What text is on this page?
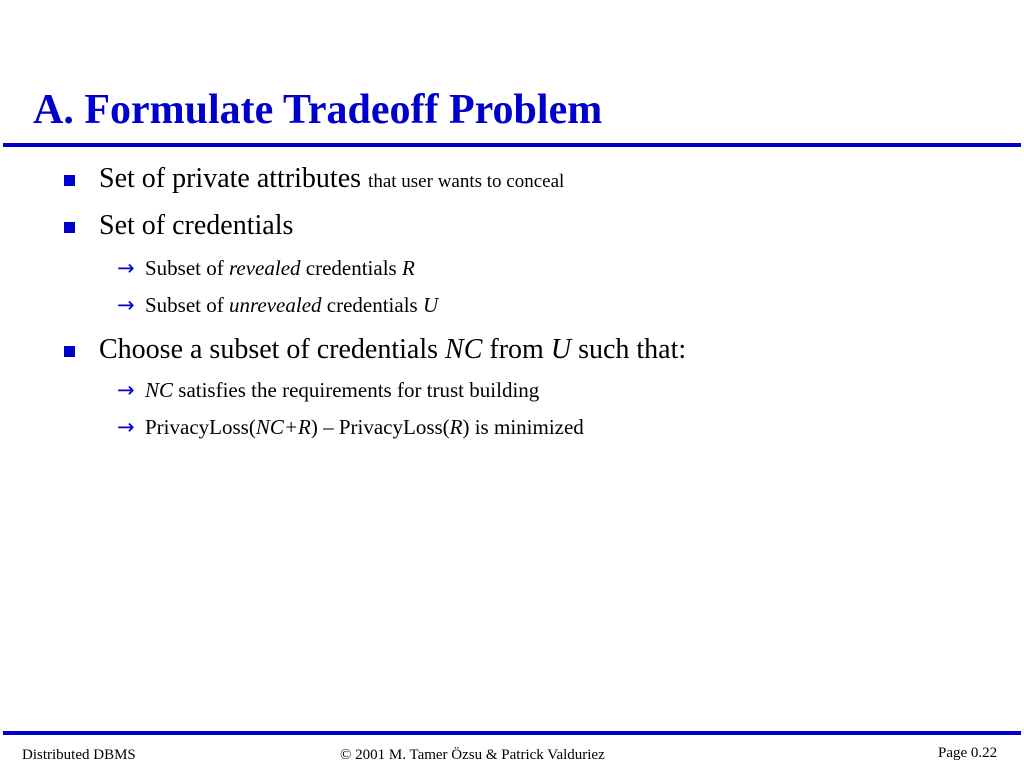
A. Formulate Tradeoff Problem
Set of private attributes that user wants to conceal
Set of credentials
→ Subset of revealed credentials R
→ Subset of unrevealed credentials U
Choose a subset of credentials NC from U such that:
→ NC satisfies the requirements for trust building
→ PrivacyLoss(NC+R) – PrivacyLoss(R) is minimized
Distributed DBMS	© 2001 M. Tamer Özsu & Patrick Valduriez	Page 0.22
